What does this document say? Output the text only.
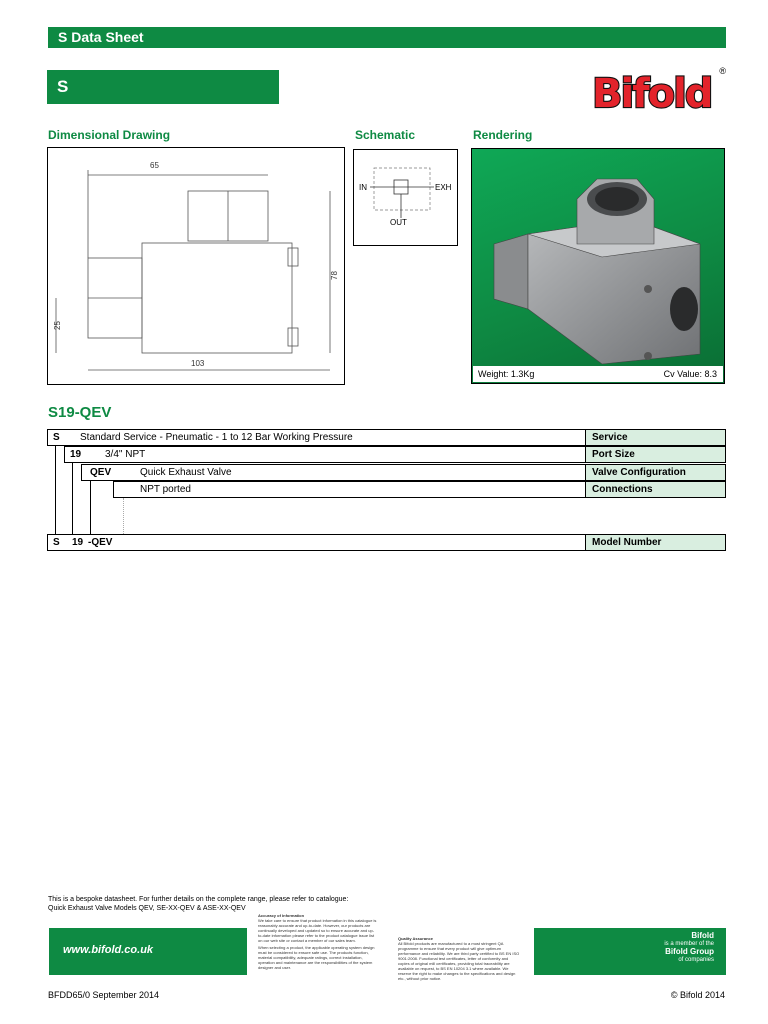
S Data Sheet
S	Bifold ®
Dimensional Drawing	Schematic	Rendering
65
103
78
25
IN	EXH
OUT
Weight: 1.3Kg	Cv Value: 8.3
S19-QEV
S Standard Service - Pneumatic - 1 to 12 Bar Working Pressure	Service
19 3/4" NPT	Port Size
QEV	Quick Exhaust Valve	Valve Configuration
NPT ported	Connections
S 19 -QEV	Model Number
This is a bespoke datasheet. For further details on the complete range, please refer to catalogue:
Quick Exhaust Valve Models QEV, SE-XX-QEV & ASE-XX-QEV
www.bifold.co.uk
Accuracy of Information
We take care to ensure that product information in this catalogue is reasonably accurate and up-to-date. However, our products are continually developed and updated so to ensure accurate and up-to-date information please refer to the product catalogue issue list on our web site or contact a member of our sales team.
When selecting a product, the applicable operating system design must be considered to ensure safe use. The products function, material compatibility, adequate ratings, correct installation, operation and maintenance are the responsibilities of the system designer and user.
Quality Assurance
All Bifold products are manufactured to a most stringent QA programme to ensure that every product will give optimum performance and reliability. We are third party certified to BS EN ISO 9001:2008. Functional test certificates, letter of conformity and copies of original mill certificates, providing total traceability are available on request, to BS EN 10204 3.1 where available. We reserve the right to make changes to the specifications and design etc., without prior notice.
Bifold
is a member of the
Bifold Group
of companies
BFDD65/0 September 2014	© Bifold 2014
